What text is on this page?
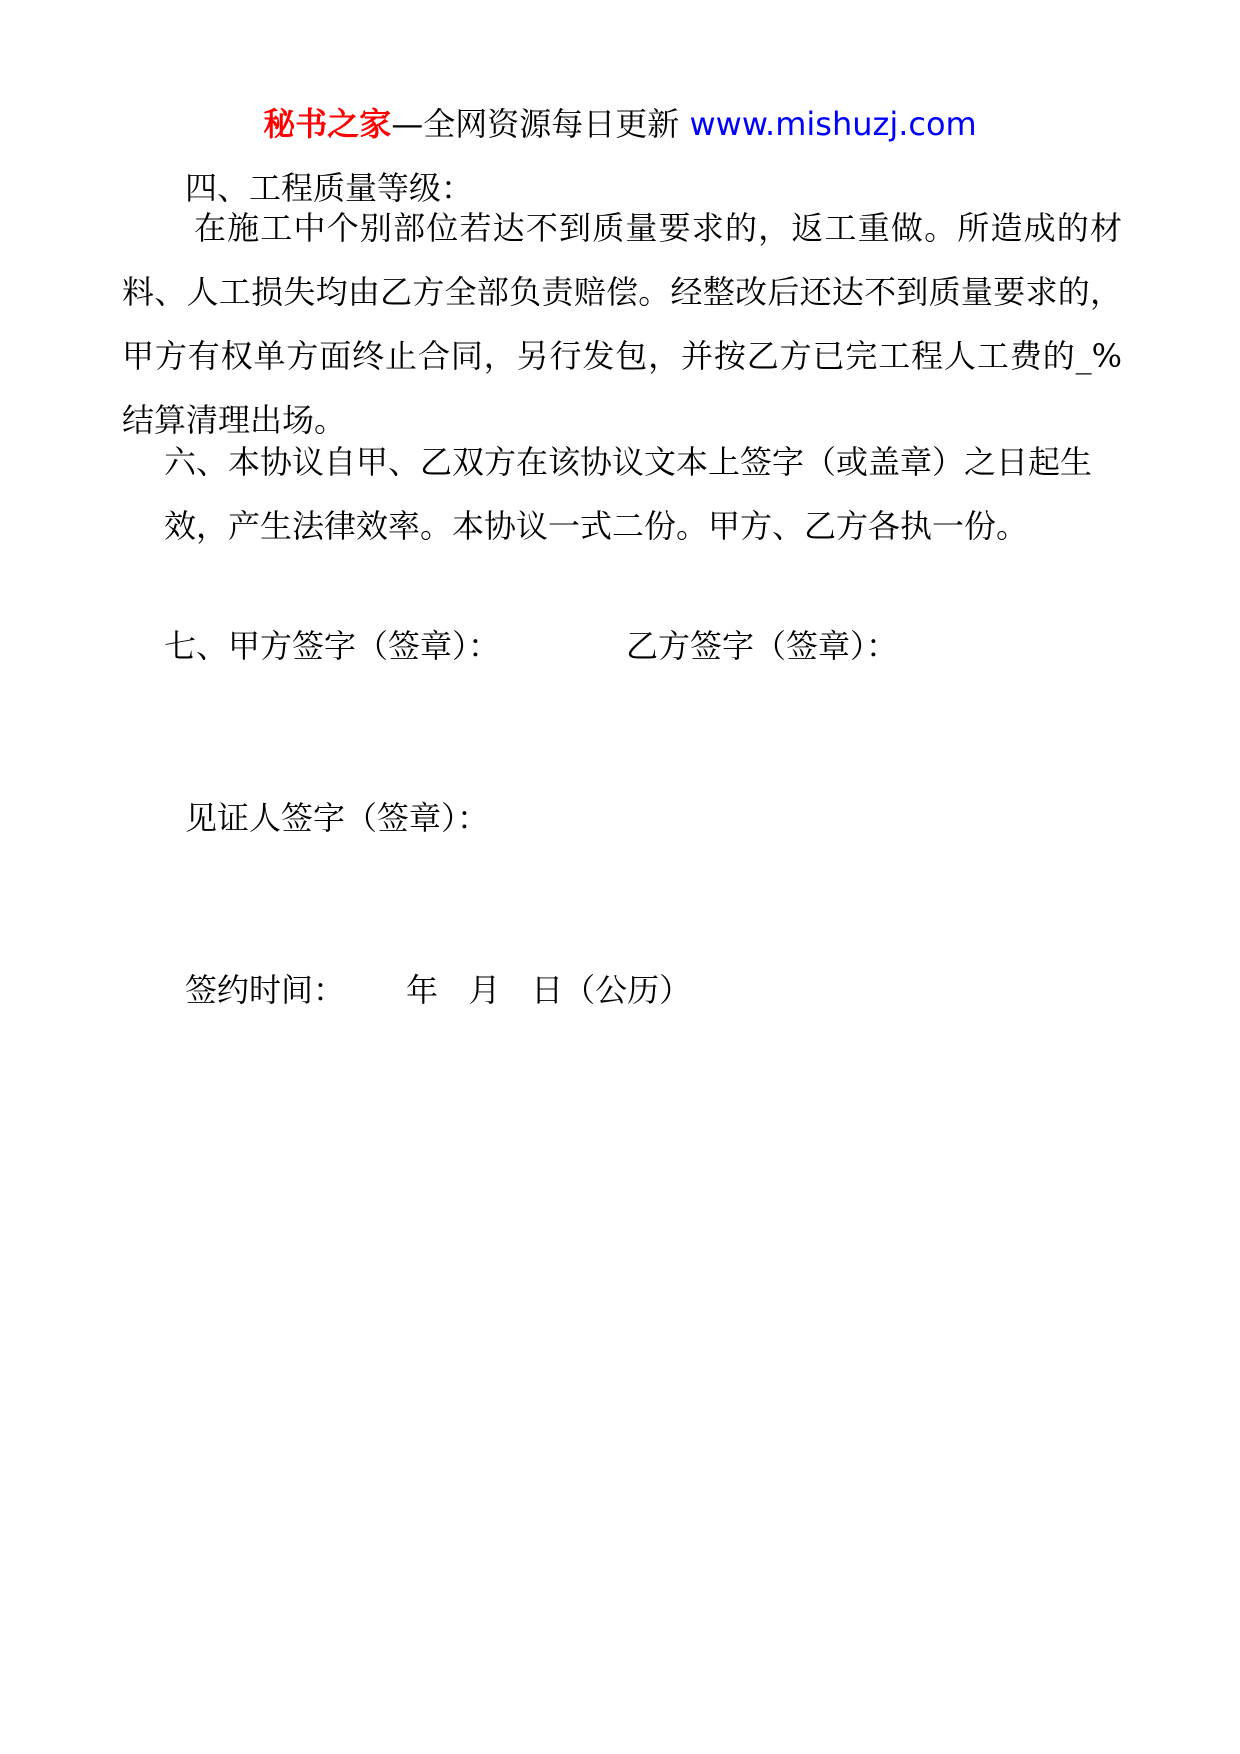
秘书之家—全网资源每日更新 www.mishuzj.com
四、工程质量等级：

在施工中个别部位若达不到质量要求的，返工重做。所造成的材料、人工损失均由乙方全部负责赔偿。经整改后还达不到质量要求的，甲方有权单方面终止合同，另行发包，并按乙方已完工程人工费的_%结算清理出场。

六、本协议自甲、乙双方在该协议文本上签字（或盖章）之日起生效，产生法律效率。本协议一式二份。甲方、乙方各执一份。

七、甲方签字（签章）：	乙方签字（签章）：
见证人签字（签章）：
签约时间：      年   月   日（公历）
